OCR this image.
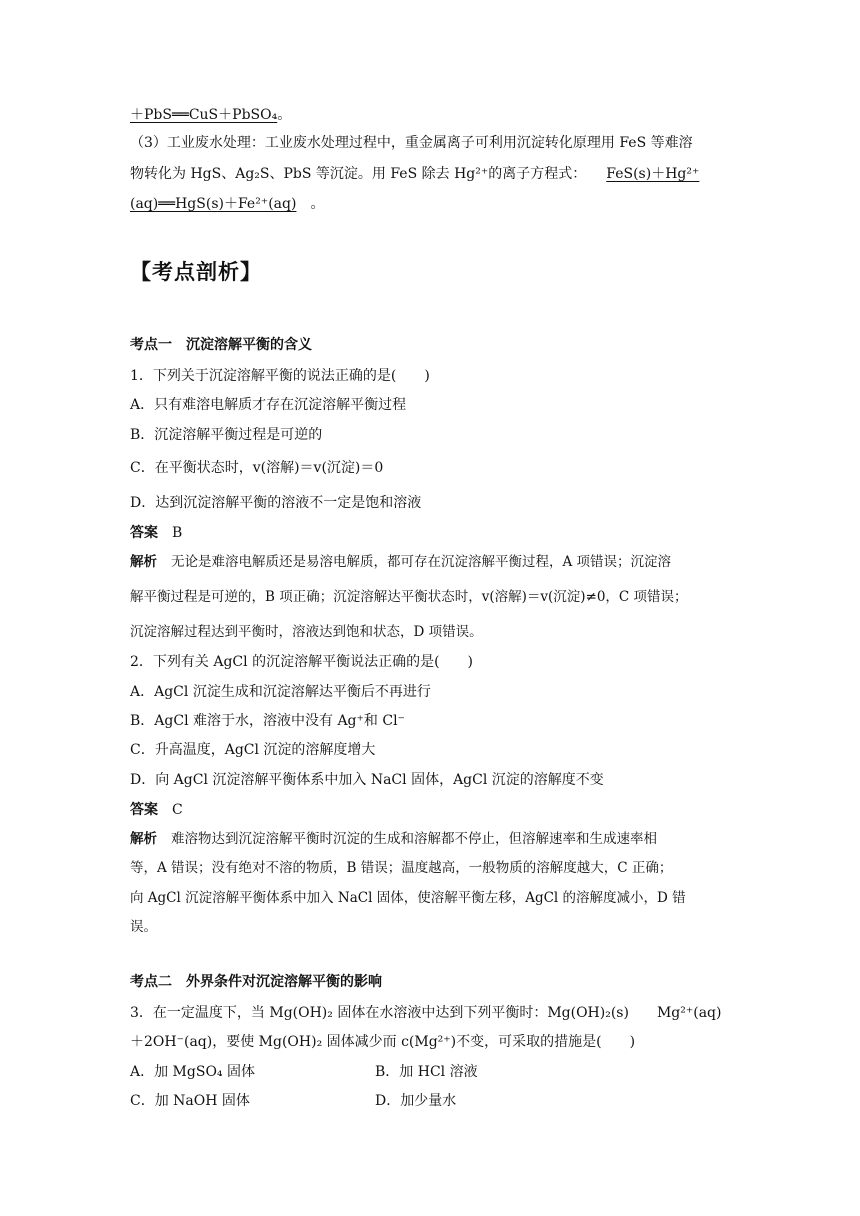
＋PbS══CuS＋PbSO₄。
（3）工业废水处理：工业废水处理过程中，重金属离子可利用沉淀转化原理用 FeS 等难溶
物转化为 HgS、Ag₂S、PbS 等沉淀。用 FeS 除去 Hg²⁺的离子方程式： FeS(s)＋Hg²⁺
(aq)══HgS(s)＋Fe²⁺(aq) 。
【考点剖析】
考点一　沉淀溶解平衡的含义
1．下列关于沉淀溶解平衡的说法正确的是(　　)
A．只有难溶电解质才存在沉淀溶解平衡过程
B．沉淀溶解平衡过程是可逆的
C．在平衡状态时，v(溶解)＝v(沉淀)＝0
D．达到沉淀溶解平衡的溶液不一定是饱和溶液
答案 B
解析 无论是难溶电解质还是易溶电解质，都可存在沉淀溶解平衡过程，A 项错误；沉淀溶
解平衡过程是可逆的，B 项正确；沉淀溶解达平衡状态时，v(溶解)＝v(沉淀)≠0，C 项错误；
沉淀溶解过程达到平衡时，溶液达到饱和状态，D 项错误。
2．下列有关 AgCl 的沉淀溶解平衡说法正确的是(　　)
A．AgCl 沉淀生成和沉淀溶解达平衡后不再进行
B．AgCl 难溶于水，溶液中没有 Ag⁺和 Cl⁻
C．升高温度，AgCl 沉淀的溶解度增大
D．向 AgCl 沉淀溶解平衡体系中加入 NaCl 固体，AgCl 沉淀的溶解度不变
答案 C
解析 难溶物达到沉淀溶解平衡时沉淀的生成和溶解都不停止，但溶解速率和生成速率相
等，A 错误；没有绝对不溶的物质，B 错误；温度越高，一般物质的溶解度越大，C 正确；
向 AgCl 沉淀溶解平衡体系中加入 NaCl 固体，使溶解平衡左移，AgCl 的溶解度减小，D 错
误。
考点二　外界条件对沉淀溶解平衡的影响
3．在一定温度下，当 Mg(OH)₂ 固体在水溶液中达到下列平衡时：Mg(OH)₂(s)　　Mg²⁺(aq)
＋2OH⁻(aq)，要使 Mg(OH)₂ 固体减少而 c(Mg²⁺)不变，可采取的措施是(　　)
A．加 MgSO₄ 固体	B．加 HCl 溶液
C．加 NaOH 固体	D．加少量水
